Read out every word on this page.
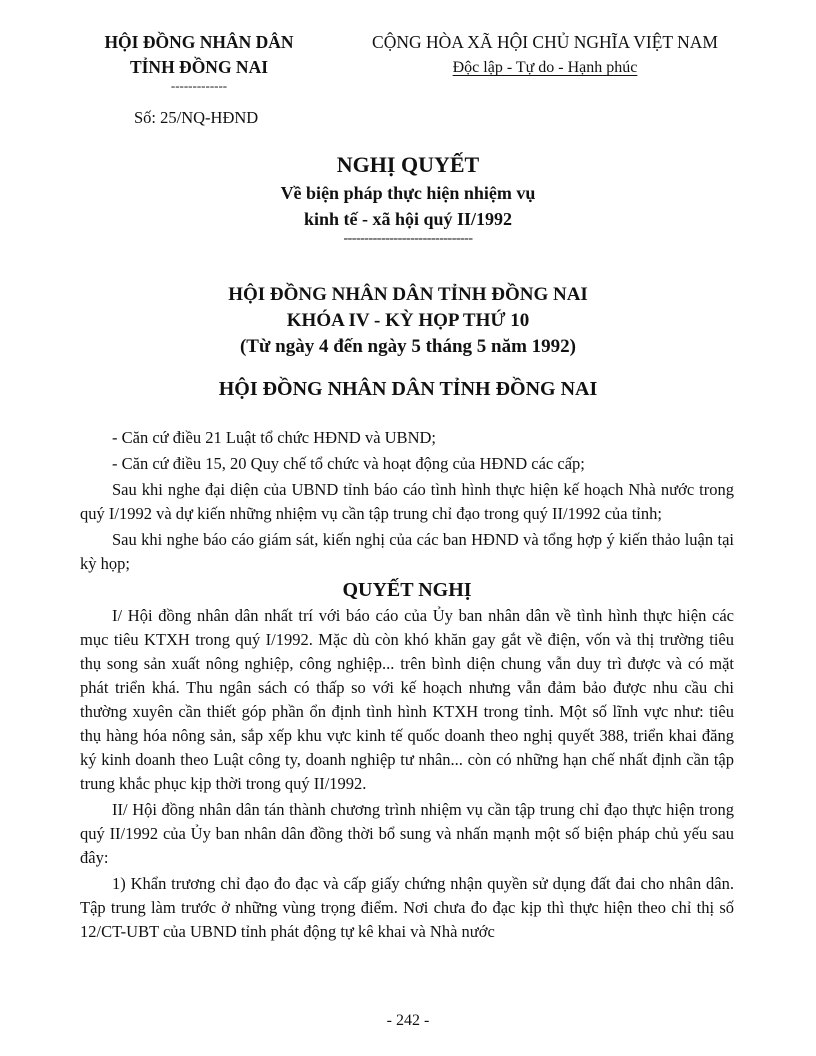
HỘI ĐỒNG NHÂN DÂN
TỈNH ĐỒNG NAI
-------------
CỘNG HÒA XÃ HỘI CHỦ NGHĨA VIỆT NAM
Độc lập - Tự do - Hạnh phúc
Số: 25/NQ-HĐND
NGHỊ QUYẾT
Về biện pháp thực hiện nhiệm vụ
kinh tế - xã hội quý II/1992
-------------------------------
HỘI ĐỒNG NHÂN DÂN TỈNH ĐỒNG NAI
KHÓA IV - KỲ HỌP THỨ 10
(Từ ngày 4 đến ngày 5 tháng 5 năm 1992)
HỘI ĐỒNG NHÂN DÂN TỈNH ĐỒNG NAI

- Căn cứ điều 21 Luật tổ chức HĐND và UBND;

- Căn cứ điều 15, 20 Quy chế tổ chức và hoạt động của HĐND các cấp;

Sau khi nghe đại diện của UBND tỉnh báo cáo tình hình thực hiện kế hoạch Nhà nước trong quý I/1992 và dự kiến những nhiệm vụ cần tập trung chỉ đạo trong quý II/1992 của tỉnh;

Sau khi nghe báo cáo giám sát, kiến nghị của các ban HĐND và tổng hợp ý kiến thảo luận tại kỳ họp;

QUYẾT NGHỊ

I/ Hội đồng nhân dân nhất trí với báo cáo của Ủy ban nhân dân về tình hình thực hiện các mục tiêu KTXH trong quý I/1992. Mặc dù còn khó khăn gay gắt về điện, vốn và thị trường tiêu thụ song sản xuất nông nghiệp, công nghiệp... trên bình diện chung vẫn duy trì được và có mặt phát triển khá. Thu ngân sách có thấp so với kế hoạch nhưng vẫn đảm bảo được nhu cầu chi thường xuyên cần thiết góp phần ổn định tình hình KTXH trong tỉnh. Một số lĩnh vực như: tiêu thụ hàng hóa nông sản, sắp xếp khu vực kinh tế quốc doanh theo nghị quyết 388, triển khai đăng ký kinh doanh theo Luật công ty, doanh nghiệp tư nhân... còn có những hạn chế nhất định cần tập trung khắc phục kịp thời trong quý II/1992.

II/ Hội đồng nhân dân tán thành chương trình nhiệm vụ cần tập trung chỉ đạo thực hiện trong quý II/1992 của Ủy ban nhân dân đồng thời bổ sung và nhấn mạnh một số biện pháp chủ yếu sau đây:

1) Khẩn trương chỉ đạo đo đạc và cấp giấy chứng nhận quyền sử dụng đất đai cho nhân dân. Tập trung làm trước ở những vùng trọng điểm. Nơi chưa đo đạc kịp thì thực hiện theo chỉ thị số 12/CT-UBT của UBND tỉnh phát động tự kê khai và Nhà nước

- 242 -
